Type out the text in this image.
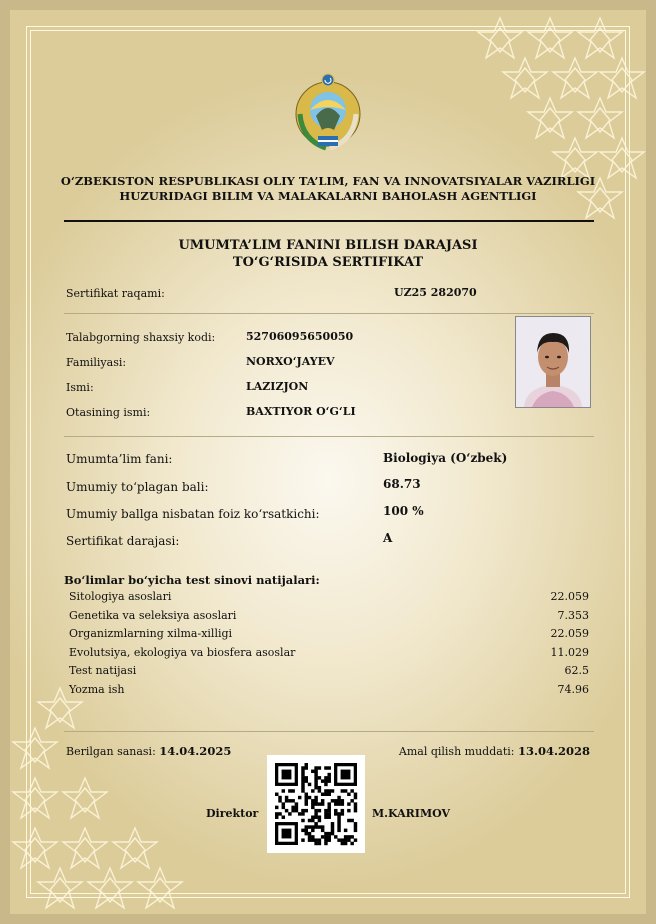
O‘ZBEKISTON RESPUBLIKASI OLIY TA’LIM, FAN VA INNOVATSIYALAR VAZIRLIGI
HUZURIDAGI BILIM VA MALAKALARNI BAHOLASH AGENTLIGI
UMUMTA’LIM FANINI BILISH DARAJASI
TO‘G‘RISIDA SERTIFIKAT
Sertifikat raqami:	UZ25 282070
Talabgorning shaxsiy kodi:	52706095650050
Familiyasi:	NORXO‘JAYEV
Ismi:	LAZIZJON
Otasining ismi:	BAXTIYOR O‘G‘LI
Umumta’lim fani:	Biologiya (O‘zbek)
Umumiy to‘plagan bali:	68.73
Umumiy ballga nisbatan foiz ko‘rsatkichi:	100 %
Sertifikat darajasi:	A
Bo‘limlar bo‘yicha test sinovi natijalari:
Sitologiya asoslari	22.059
Genetika va seleksiya asoslari	7.353
Organizmlarning xilma-xilligi	22.059
Evolutsiya, ekologiya va biosfera asoslar	11.029
Test natijasi	62.5
Yozma ish	74.96
Berilgan sanasi: 14.04.2025	Amal qilish muddati: 13.04.2028
Direktor	M.KARIMOV
